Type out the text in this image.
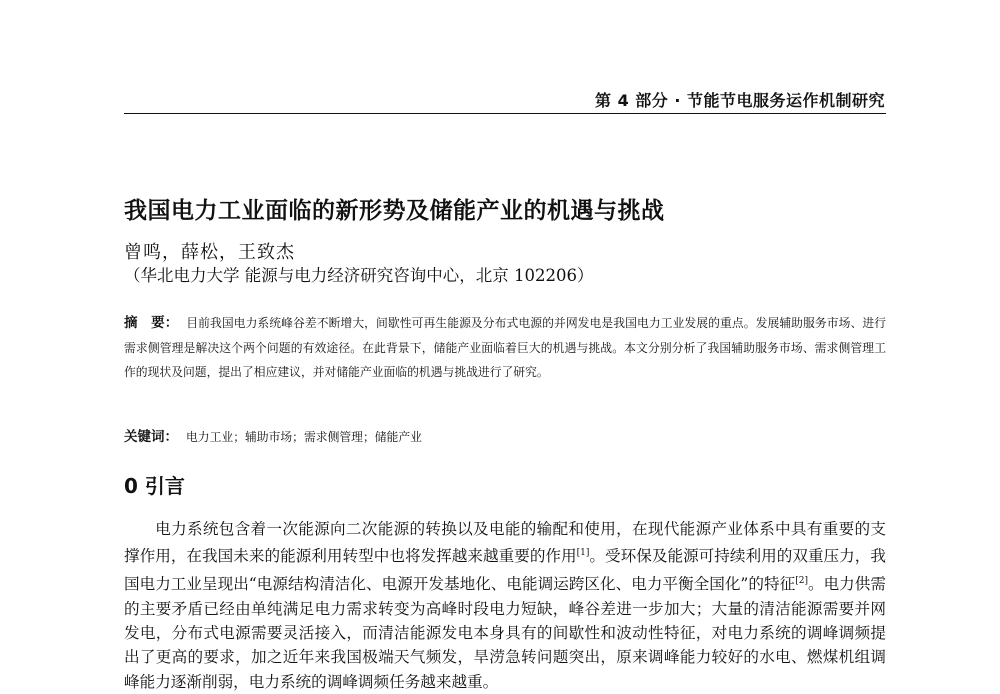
第 4 部分 · 节能节电服务运作机制研究
我国电力工业面临的新形势及储能产业的机遇与挑战
曾鸣，薛松，王致杰
（华北电力大学 能源与电力经济研究咨询中心，北京 102206）
摘　要： 目前我国电力系统峰谷差不断增大，间歇性可再生能源及分布式电源的并网发电是我国电力工业发展的重点。发展辅助服务市场、进行需求侧管理是解决这个两个问题的有效途径。在此背景下，储能产业面临着巨大的机遇与挑战。本文分别分析了我国辅助服务市场、需求侧管理工作的现状及问题，提出了相应建议，并对储能产业面临的机遇与挑战进行了研究。
关键词： 电力工业；辅助市场；需求侧管理；储能产业
0 引言
电力系统包含着一次能源向二次能源的转换以及电能的输配和使用，在现代能源产业体系中具有重要的支撑作用，在我国未来的能源利用转型中也将发挥越来越重要的作用[1]。受环保及能源可持续利用的双重压力，我国电力工业呈现出“电源结构清洁化、电源开发基地化、电能调运跨区化、电力平衡全国化”的特征[2]。电力供需的主要矛盾已经由单纯满足电力需求转变为高峰时段电力短缺，峰谷差进一步加大；大量的清洁能源需要并网发电，分布式电源需要灵活接入，而清洁能源发电本身具有的间歇性和波动性特征，对电力系统的调峰调频提出了更高的要求，加之近年来我国极端天气频发，旱涝急转问题突出，原来调峰能力较好的水电、燃煤机组调峰能力逐渐削弱，电力系统的调峰调频任务越来越重。
